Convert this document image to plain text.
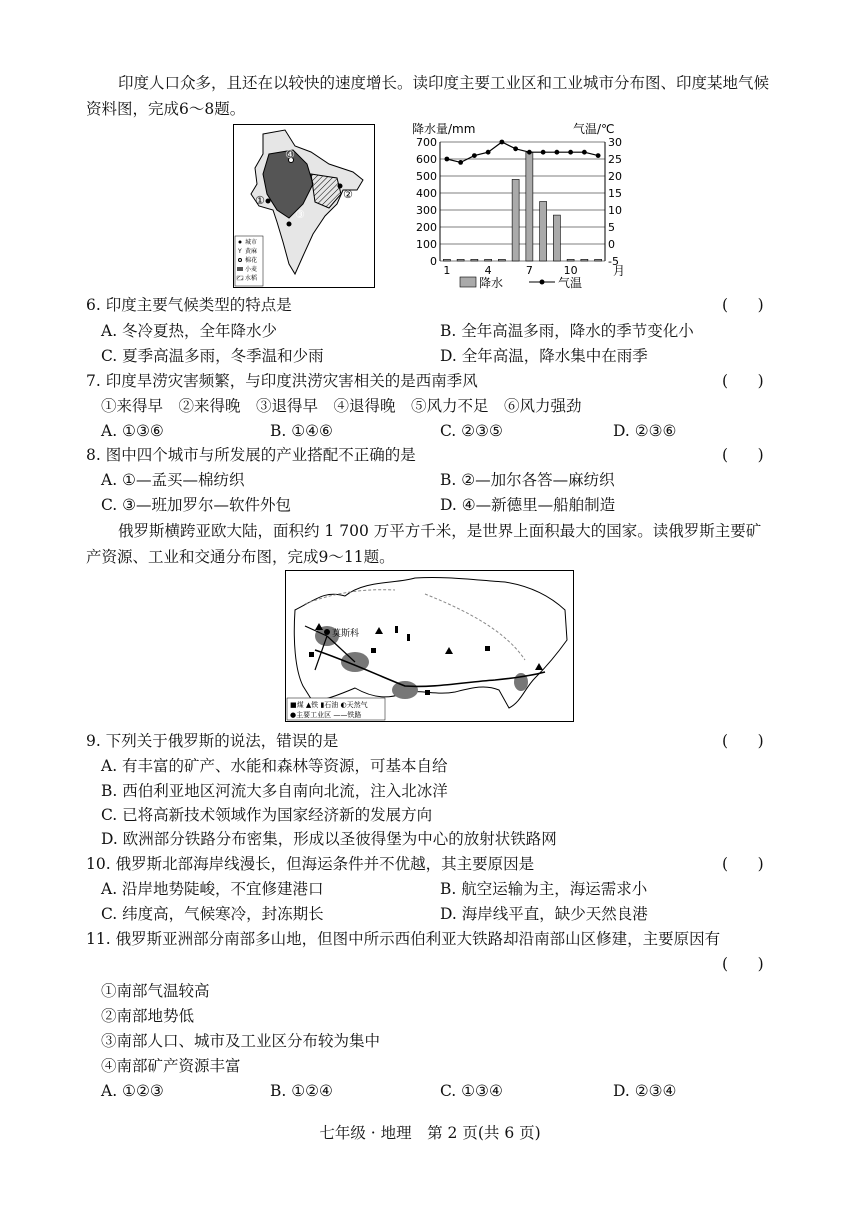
印度人口众多，且还在以较快的速度增长。读印度主要工业区和工业城市分布图、印度某地气候资料图，完成6～8题。
①	②
③
④
城市
Y 黄麻
棉花
小麦
水稻
降水量/mm	气温/℃
700
600
500
400
300
200
100
0
30
25
20
15
10
5
0
-5
1	4	7	10	月
降水	气温
6. 印度主要气候类型的特点是	(      )
A. 冬冷夏热，全年降水少	B. 全年高温多雨，降水的季节变化小
C. 夏季高温多雨，冬季温和少雨	D. 全年高温，降水集中在雨季
7. 印度旱涝灾害频繁，与印度洪涝灾害相关的是西南季风	(      )
①来得早　②来得晚　③退得早　④退得晚　⑤风力不足　⑥风力强劲
A. ①③⑥	B. ①④⑥	C. ②③⑤	D. ②③⑥
8. 图中四个城市与所发展的产业搭配不正确的是	(      )
A. ①—孟买—棉纺织	B. ②—加尔各答—麻纺织
C. ③—班加罗尔—软件外包	D. ④—新德里—船舶制造
俄罗斯横跨亚欧大陆，面积约 1 700 万平方千米，是世界上面积最大的国家。读俄罗斯主要矿产资源、工业和交通分布图，完成9～11题。
莫斯科
■煤 ▲铁 ▮石油 ◐天然气
●主要工业区 ——铁路
9. 下列关于俄罗斯的说法，错误的是	(      )
A. 有丰富的矿产、水能和森林等资源，可基本自给
B. 西伯利亚地区河流大多自南向北流，注入北冰洋
C. 已将高新技术领域作为国家经济新的发展方向
D. 欧洲部分铁路分布密集，形成以圣彼得堡为中心的放射状铁路网
10. 俄罗斯北部海岸线漫长，但海运条件并不优越，其主要原因是	(      )
A. 沿岸地势陡峻，不宜修建港口	B. 航空运输为主，海运需求小
C. 纬度高，气候寒冷，封冻期长	D. 海岸线平直，缺少天然良港
11. 俄罗斯亚洲部分南部多山地，但图中所示西伯利亚大铁路却沿南部山区修建，主要原因有
(      )
①南部气温较高
②南部地势低
③南部人口、城市及工业区分布较为集中
④南部矿产资源丰富
A. ①②③	B. ①②④	C. ①③④	D. ②③④
七年级 · 地理　第 2 页(共 6 页)
